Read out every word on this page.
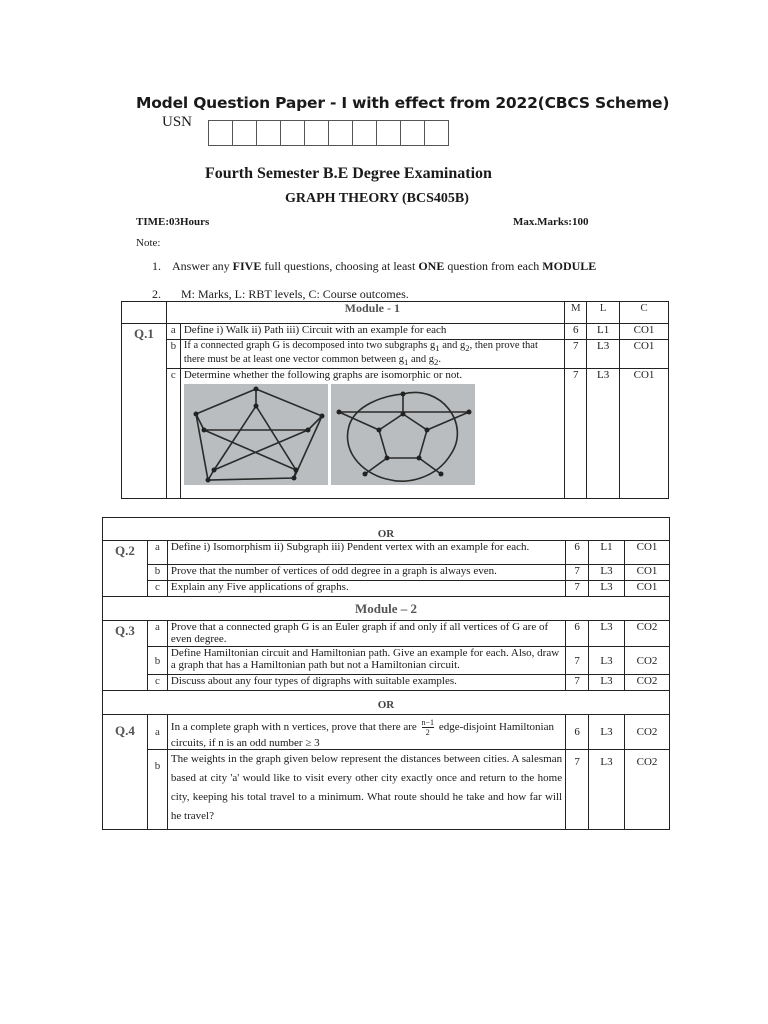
Model Question Paper - I with effect from 2022(CBCS Scheme)
USN
Fourth Semester B.E Degree Examination
GRAPH THEORY (BCS405B)
TIME:03Hours	Max.Marks:100
Note:
1. Answer any FIVE full questions, choosing at least ONE question from each MODULE
2. M: Marks, L: RBT levels, C: Course outcomes.
		Module - 1	M	L	C
Q.1	a	Define i) Walk ii) Path iii) Circuit with an example for each	6	L1	CO1
	b	If a connected graph G is decomposed into two subgraphs $g_1$ and $g_2$, then prove that there must be at least one vector common between $g_1$ and $g_2$.	7	L3	CO1
	c	Determine whether the following graphs are isomorphic or not.	7	L3	CO1
OR					
Q.2	a	Define i) Isomorphism ii) Subgraph iii) Pendent vertex with an example for each.	6	L1	CO1
	b	Prove that the number of vertices of odd degree in a graph is always even.	7	L3	CO1
	c	Explain any Five applications of graphs.	7	L3	CO1
Module – 2					
Q.3	a	Prove that a connected graph G is an Euler graph if and only if all vertices of G are of even degree.	6	L3	CO2
	b	Define Hamiltonian circuit and Hamiltonian path. Give an example for each. Also, draw a graph that has a Hamiltonian path but not a Hamiltonian circuit.	7	L3	CO2
	c	Discuss about any four types of digraphs with suitable examples.	7	L3	CO2
OR					
Q.4	a	In a complete graph with n vertices, prove that there are $\frac{n-1}{2}$ edge-disjoint Hamiltonian circuits, if n is an odd number ≥ 3	6	L3	CO2
	b	The weights in the graph given below represent the distances between cities. A salesman based at city 'a' would like to visit every other city exactly once and return to the home city, keeping his total travel to a minimum. What route should he take and how far will he travel?	7	L3	CO2
